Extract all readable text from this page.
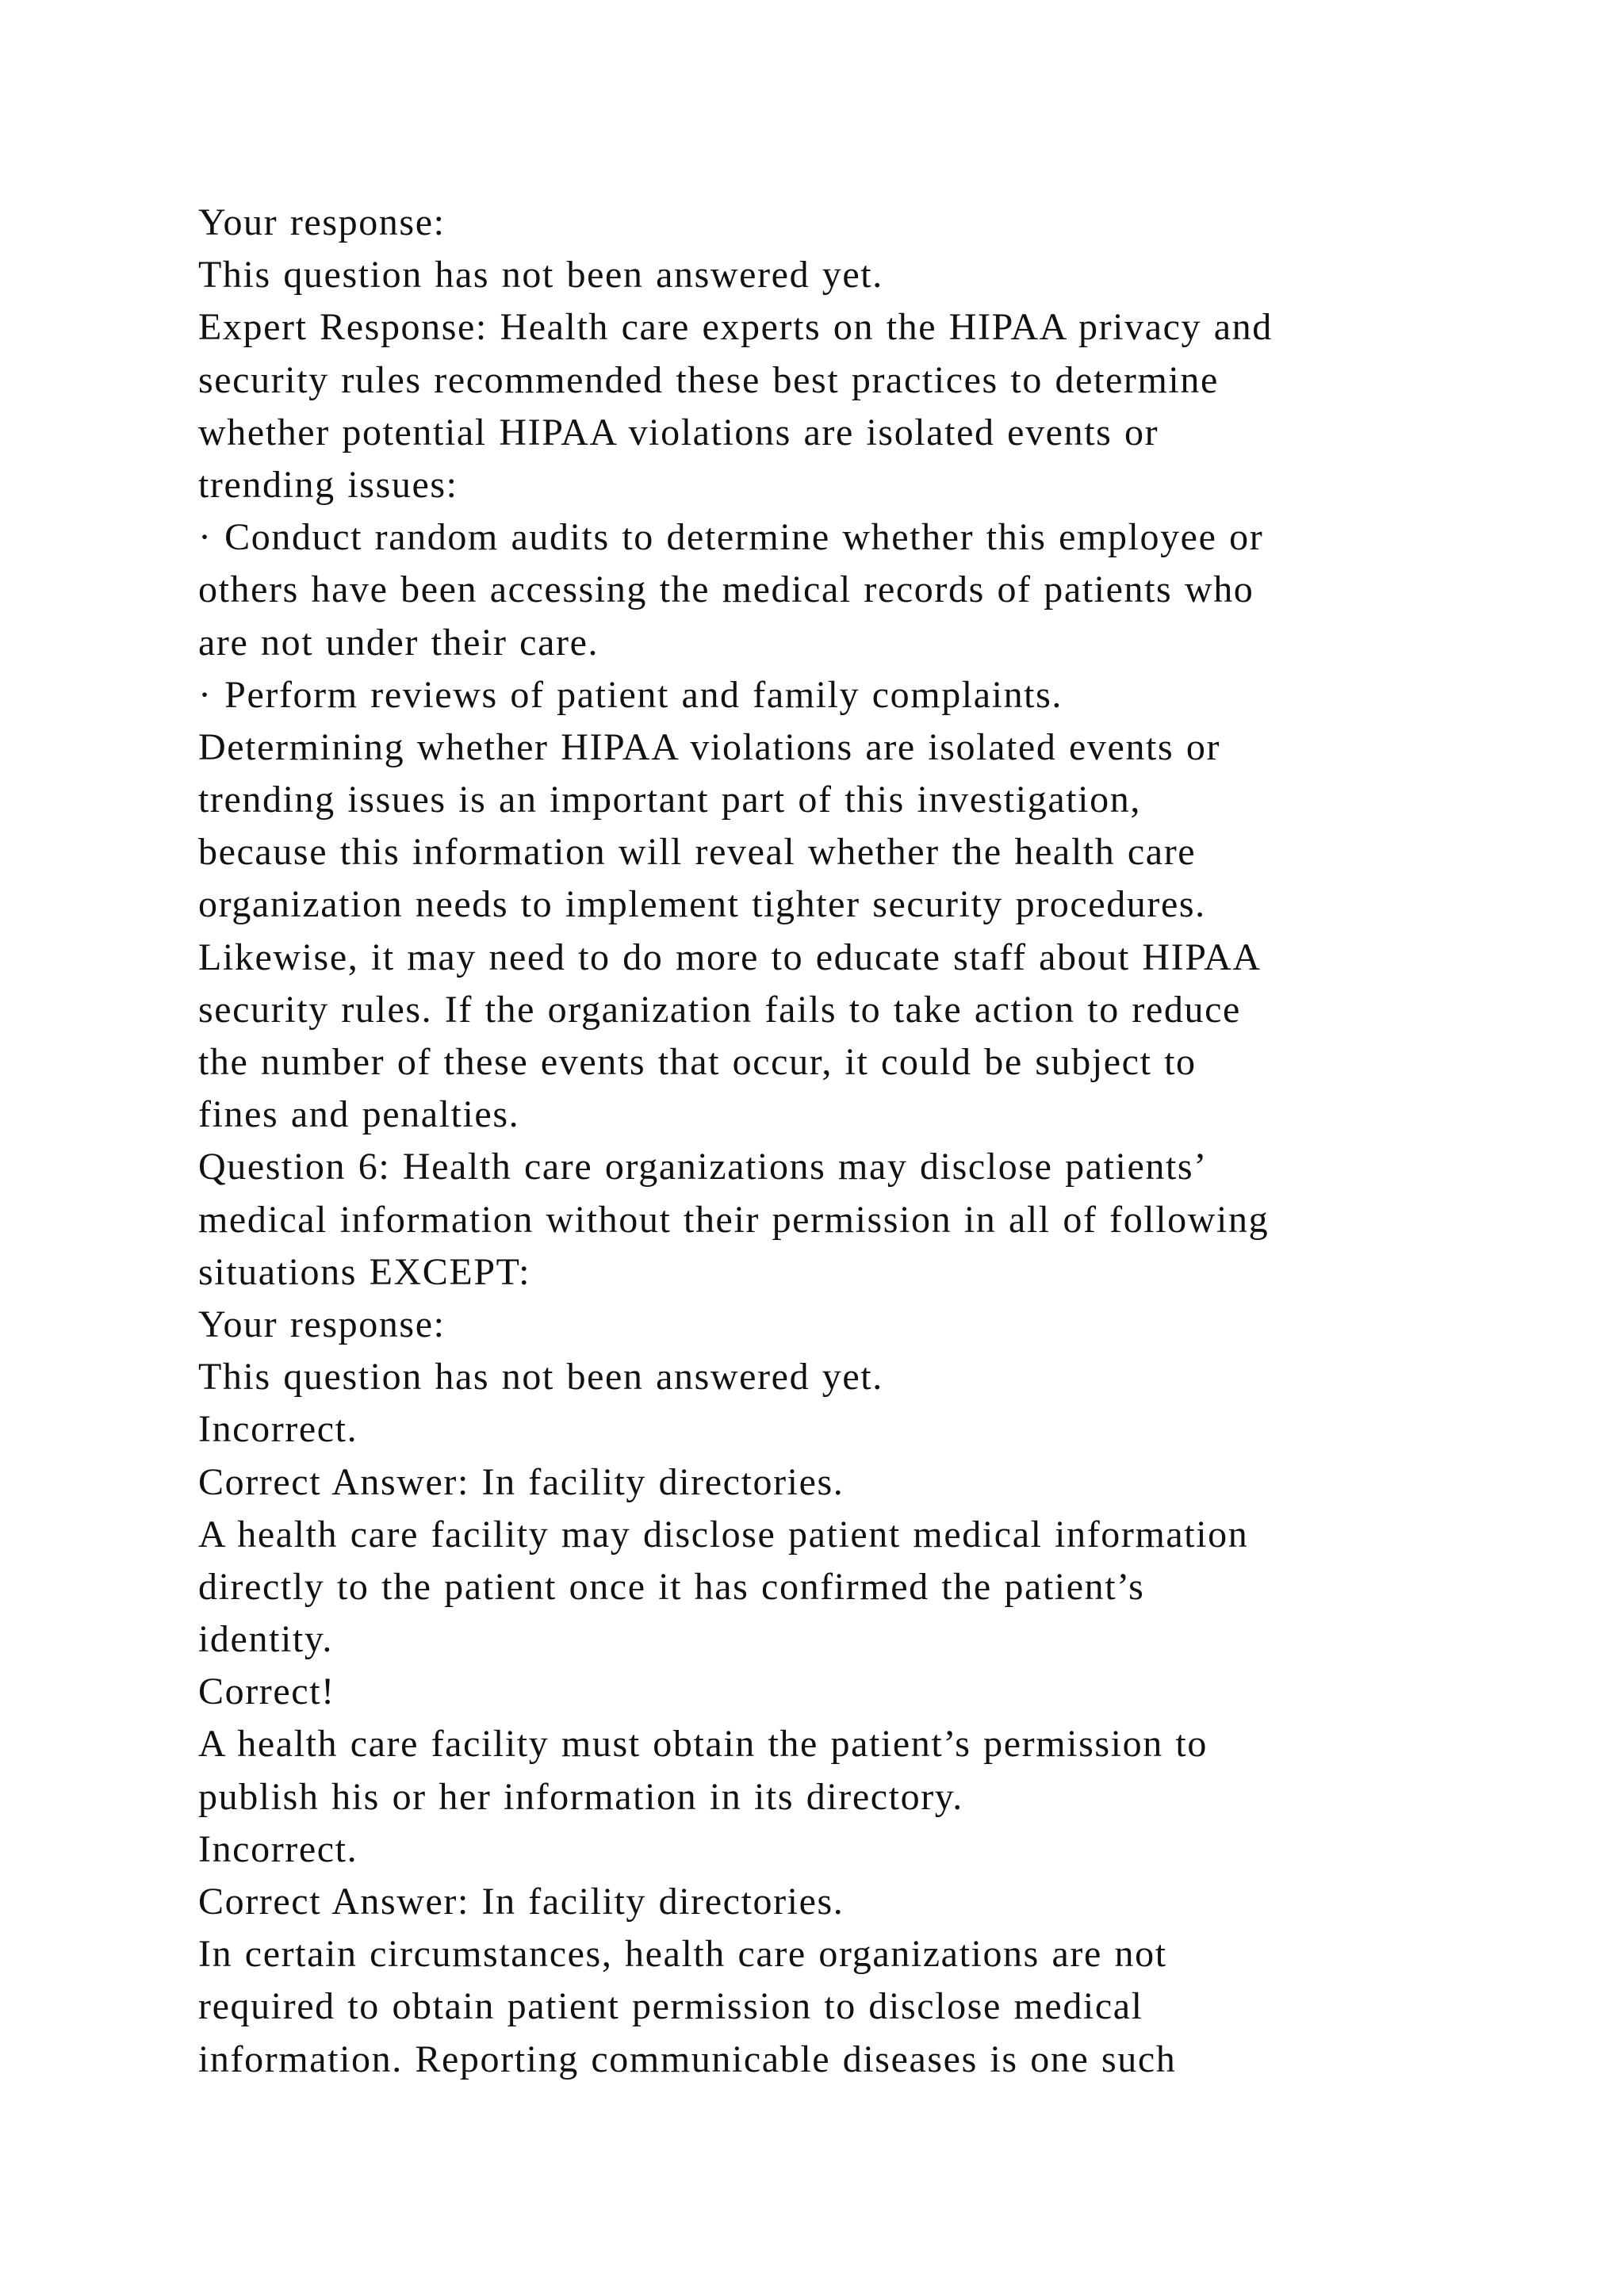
Your response:
This question has not been answered yet.
Expert Response: Health care experts on the HIPAA privacy and
security rules recommended these best practices to determine
whether potential HIPAA violations are isolated events or
trending issues:
· Conduct random audits to determine whether this employee or
others have been accessing the medical records of patients who
are not under their care.
· Perform reviews of patient and family complaints.
Determining whether HIPAA violations are isolated events or
trending issues is an important part of this investigation,
because this information will reveal whether the health care
organization needs to implement tighter security procedures.
Likewise, it may need to do more to educate staff about HIPAA
security rules. If the organization fails to take action to reduce
the number of these events that occur, it could be subject to
fines and penalties.
Question 6: Health care organizations may disclose patients’
medical information without their permission in all of following
situations EXCEPT:
Your response:
This question has not been answered yet.
Incorrect.
Correct Answer: In facility directories.
A health care facility may disclose patient medical information
directly to the patient once it has confirmed the patient’s
identity.
Correct!
A health care facility must obtain the patient’s permission to
publish his or her information in its directory.
Incorrect.
Correct Answer: In facility directories.
In certain circumstances, health care organizations are not
required to obtain patient permission to disclose medical
information. Reporting communicable diseases is one such
